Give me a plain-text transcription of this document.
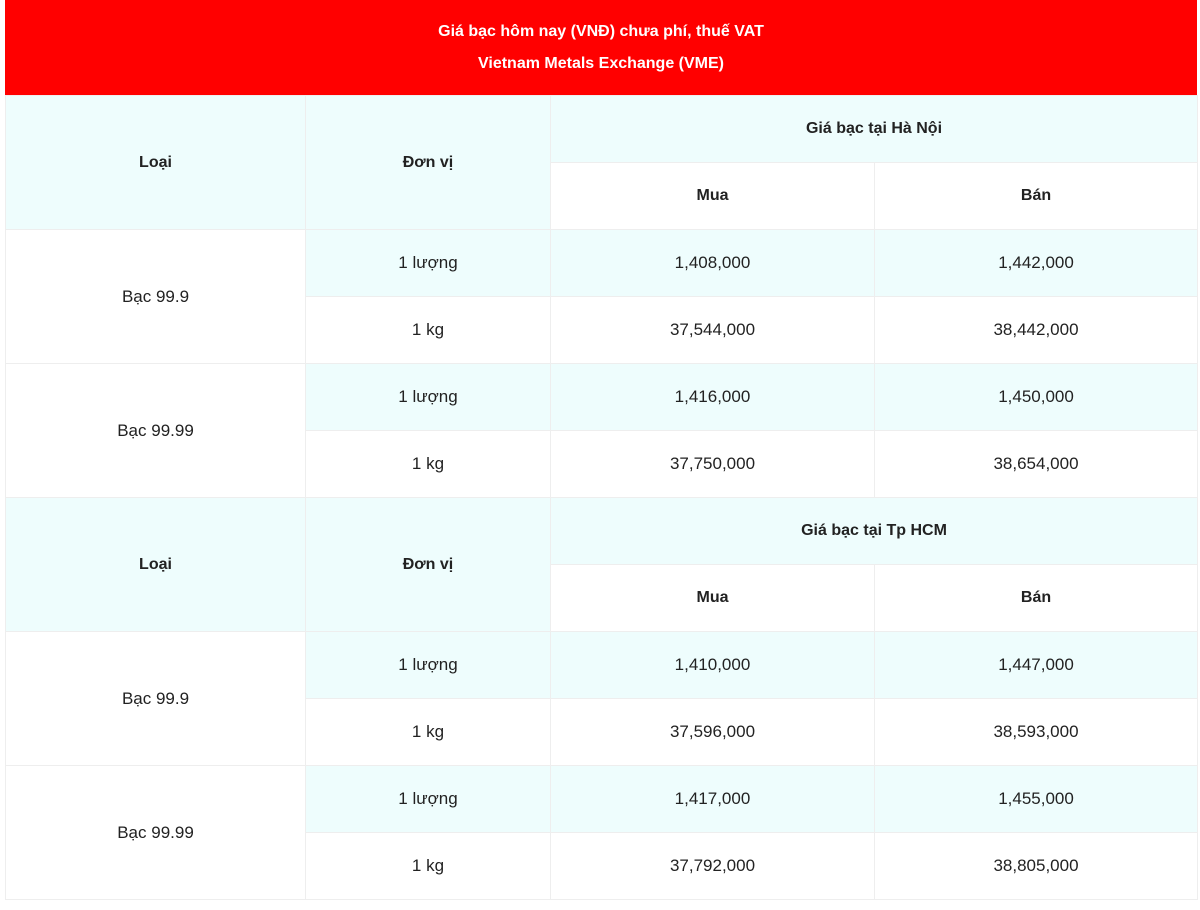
Giá bạc hôm nay (VNĐ) chưa phí, thuế VAT
Vietnam Metals Exchange (VME)
Loại	Đơn vị	Giá bạc tại Hà Nội	
		Mua	Bán
Bạc 99.9	1 lượng	1,408,000	1,442,000
	1 kg	37,544,000	38,442,000
Bạc 99.99	1 lượng	1,416,000	1,450,000
	1 kg	37,750,000	38,654,000
Loại	Đơn vị	Giá bạc tại Tp HCM	
		Mua	Bán
Bạc 99.9	1 lượng	1,410,000	1,447,000
	1 kg	37,596,000	38,593,000
Bạc 99.99	1 lượng	1,417,000	1,455,000
	1 kg	37,792,000	38,805,000
